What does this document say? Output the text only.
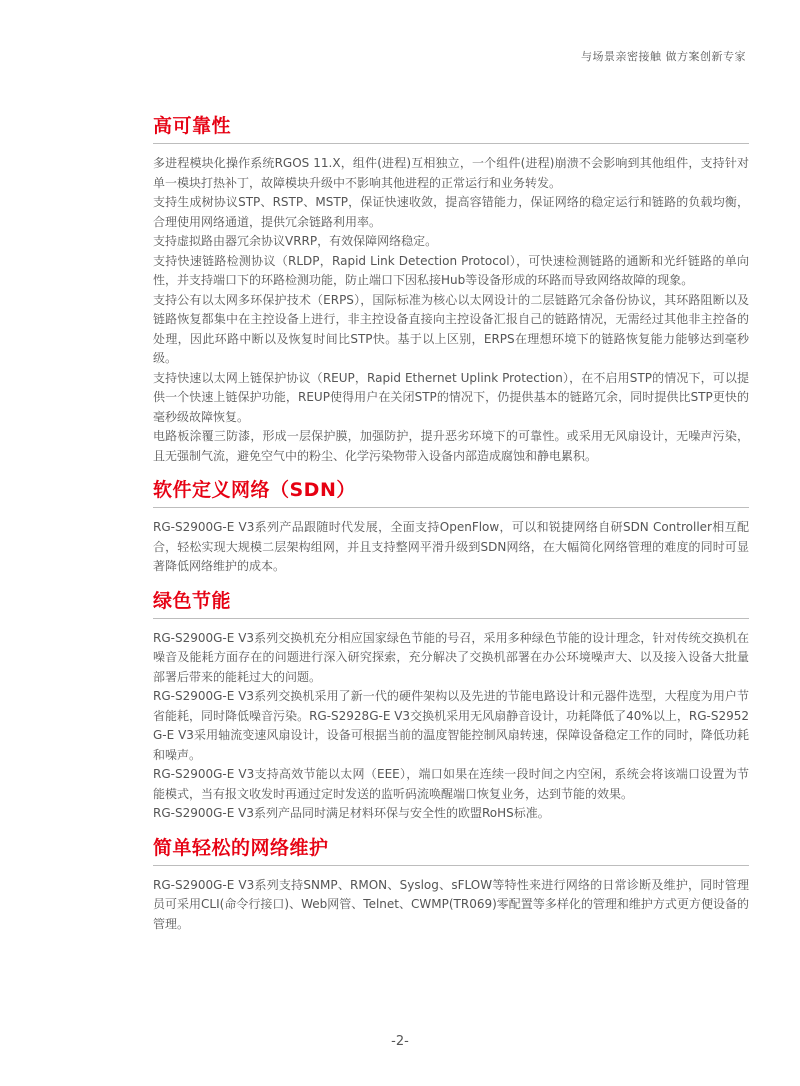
与场景亲密接触 做方案创新专家
高可靠性

多进程模块化操作系统RGOS 11.X，组件(进程)互相独立，一个组件(进程)崩溃不会影响到其他组件，支持针对单一模块打热补丁，故障模块升级中不影响其他进程的正常运行和业务转发。

支持生成树协议STP、RSTP、MSTP，保证快速收敛，提高容错能力，保证网络的稳定运行和链路的负载均衡，合理使用网络通道，提供冗余链路利用率。

支持虚拟路由器冗余协议VRRP，有效保障网络稳定。

支持快速链路检测协议（RLDP，Rapid Link Detection Protocol），可快速检测链路的通断和光纤链路的单向性，并支持端口下的环路检测功能，防止端口下因私接Hub等设备形成的环路而导致网络故障的现象。

支持公有以太网多环保护技术（ERPS），国际标准为核心以太网设计的二层链路冗余备份协议，其环路阻断以及链路恢复都集中在主控设备上进行，非主控设备直接向主控设备汇报自己的链路情况，无需经过其他非主控备的处理，因此环路中断以及恢复时间比STP快。基于以上区别，ERPS在理想环境下的链路恢复能力能够达到毫秒级。

支持快速以太网上链保护协议（REUP，Rapid Ethernet Uplink Protection），在不启用STP的情况下，可以提供一个快速上链保护功能，REUP使得用户在关闭STP的情况下，仍提供基本的链路冗余，同时提供比STP更快的毫秒级故障恢复。

电路板涂覆三防漆，形成一层保护膜，加强防护，提升恶劣环境下的可靠性。或采用无风扇设计，无噪声污染，且无强制气流，避免空气中的粉尘、化学污染物带入设备内部造成腐蚀和静电累积。

软件定义网络（SDN）

RG-S2900G-E V3系列产品跟随时代发展，全面支持OpenFlow，可以和锐捷网络自研SDN Controller相互配合，轻松实现大规模二层架构组网，并且支持整网平滑升级到SDN网络，在大幅简化网络管理的难度的同时可显著降低网络维护的成本。

绿色节能

RG-S2900G-E V3系列交换机充分相应国家绿色节能的号召，采用多种绿色节能的设计理念，针对传统交换机在噪音及能耗方面存在的问题进行深入研究探索，充分解决了交换机部署在办公环境噪声大、以及接入设备大批量部署后带来的能耗过大的问题。

RG-S2900G-E V3系列交换机采用了新一代的硬件架构以及先进的节能电路设计和元器件选型，大程度为用户节省能耗，同时降低噪音污染。RG-S2928G-E V3交换机采用无风扇静音设计，功耗降低了40%以上，RG-S2952G-E V3采用轴流变速风扇设计，设备可根据当前的温度智能控制风扇转速，保障设备稳定工作的同时，降低功耗和噪声。

RG-S2900G-E V3支持高效节能以太网（EEE），端口如果在连续一段时间之内空闲，系统会将该端口设置为节能模式，当有报文收发时再通过定时发送的监听码流唤醒端口恢复业务，达到节能的效果。

RG-S2900G-E V3系列产品同时满足材料环保与安全性的欧盟RoHS标准。

简单轻松的网络维护

RG-S2900G-E V3系列支持SNMP、RMON、Syslog、sFLOW等特性来进行网络的日常诊断及维护，同时管理员可采用CLI(命令行接口)、Web网管、Telnet、CWMP(TR069)零配置等多样化的管理和维护方式更方便设备的管理。

-2-
